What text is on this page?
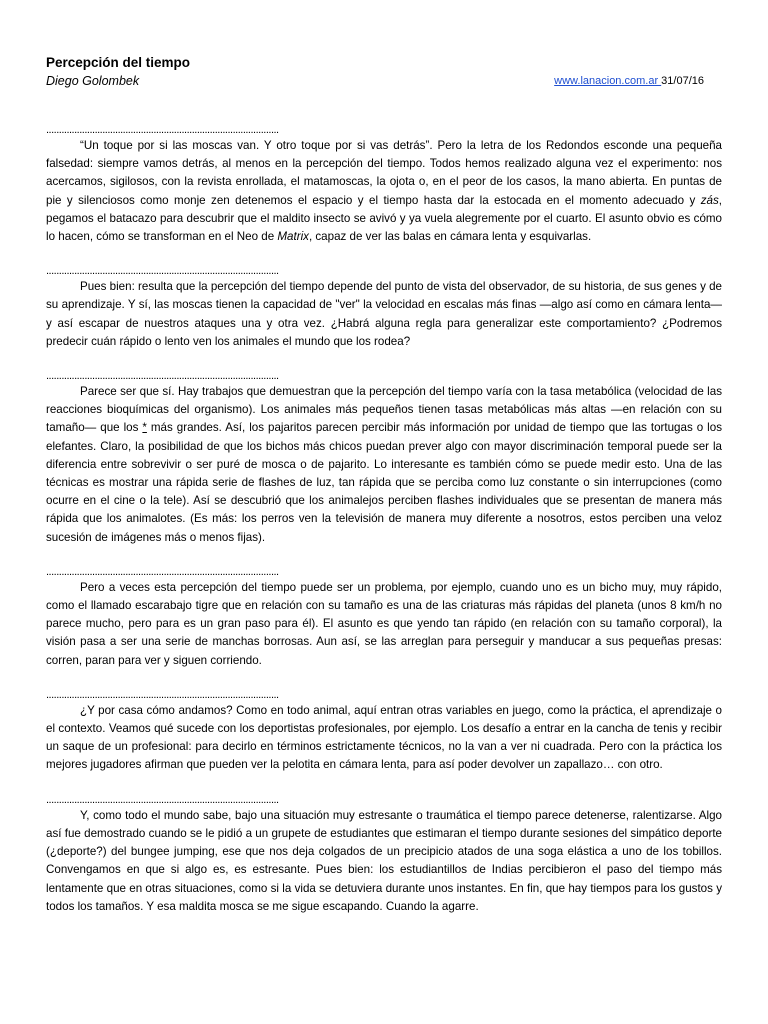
Percepción del tiempo
Diego Golombek	www.lanacion.com.ar 31/07/16
...........................................................................................

“Un toque por si las moscas van. Y otro toque por si vas detrás”. Pero la letra de los Redondos esconde una pequeña falsedad: siempre vamos detrás, al menos en la percepción del tiempo. Todos hemos realizado alguna vez el experimento: nos acercamos, sigilosos, con la revista enrollada, el matamoscas, la ojota o, en el peor de los casos, la mano abierta. En puntas de pie y silenciosos como monje zen detenemos el espacio y el tiempo hasta dar la estocada en el momento adecuado y zás, pegamos el batacazo para descubrir que el maldito insecto se avivó y ya vuela alegremente por el cuarto. El asunto obvio es cómo lo hacen, cómo se transforman en el Neo de Matrix, capaz de ver las balas en cámara lenta y esquivarlas.

...........................................................................................

Pues bien: resulta que la percepción del tiempo depende del punto de vista del observador, de su historia, de sus genes y de su aprendizaje. Y sí, las moscas tienen la capacidad de "ver" la velocidad en escalas más finas —algo así como en cámara lenta— y así escapar de nuestros ataques una y otra vez. ¿Habrá alguna regla para generalizar este comportamiento? ¿Podremos predecir cuán rápido o lento ven los animales el mundo que los rodea?

...........................................................................................

Parece ser que sí. Hay trabajos que demuestran que la percepción del tiempo varía con la tasa metabólica (velocidad de las reacciones bioquímicas del organismo). Los animales más pequeños tienen tasas metabólicas más altas —en relación con su tamaño— que los * más grandes. Así, los pajaritos parecen percibir más información por unidad de tiempo que las tortugas o los elefantes. Claro, la posibilidad de que los bichos más chicos puedan prever algo con mayor discriminación temporal puede ser la diferencia entre sobrevivir o ser puré de mosca o de pajarito. Lo interesante es también cómo se puede medir esto. Una de las técnicas es mostrar una rápida serie de flashes de luz, tan rápida que se perciba como luz constante o sin interrupciones (como ocurre en el cine o la tele). Así se descubrió que los animalejos perciben flashes individuales que se presentan de manera más rápida que los animalotes. (Es más: los perros ven la televisión de manera muy diferente a nosotros, estos perciben una veloz sucesión de imágenes más o menos fijas).

...........................................................................................

Pero a veces esta percepción del tiempo puede ser un problema, por ejemplo, cuando uno es un bicho muy, muy rápido, como el llamado escarabajo tigre que en relación con su tamaño es una de las criaturas más rápidas del planeta (unos 8 km/h no parece mucho, pero para es un gran paso para él). El asunto es que yendo tan rápido (en relación con su tamaño corporal), la visión pasa a ser una serie de manchas borrosas. Aun así, se las arreglan para perseguir y manducar a sus pequeñas presas: corren, paran para ver y siguen corriendo.

...........................................................................................

¿Y por casa cómo andamos? Como en todo animal, aquí entran otras variables en juego, como la práctica, el aprendizaje o el contexto. Veamos qué sucede con los deportistas profesionales, por ejemplo. Los desafío a entrar en la cancha de tenis y recibir un saque de un profesional: para decirlo en términos estrictamente técnicos, no la van a ver ni cuadrada. Pero con la práctica los mejores jugadores afirman que pueden ver la pelotita en cámara lenta, para así poder devolver un zapallazo… con otro.

...........................................................................................

Y, como todo el mundo sabe, bajo una situación muy estresante o traumática el tiempo parece detenerse, ralentizarse. Algo así fue demostrado cuando se le pidió a un grupete de estudiantes que estimaran el tiempo durante sesiones del simpático deporte (¿deporte?) del bungee jumping, ese que nos deja colgados de un precipicio atados de una soga elástica a uno de los tobillos. Convengamos en que si algo es, es estresante. Pues bien: los estudiantillos de Indias percibieron el paso del tiempo más lentamente que en otras situaciones, como si la vida se detuviera durante unos instantes. En fin, que hay tiempos para los gustos y todos los tamaños. Y esa maldita mosca se me sigue escapando. Cuando la agarre.
